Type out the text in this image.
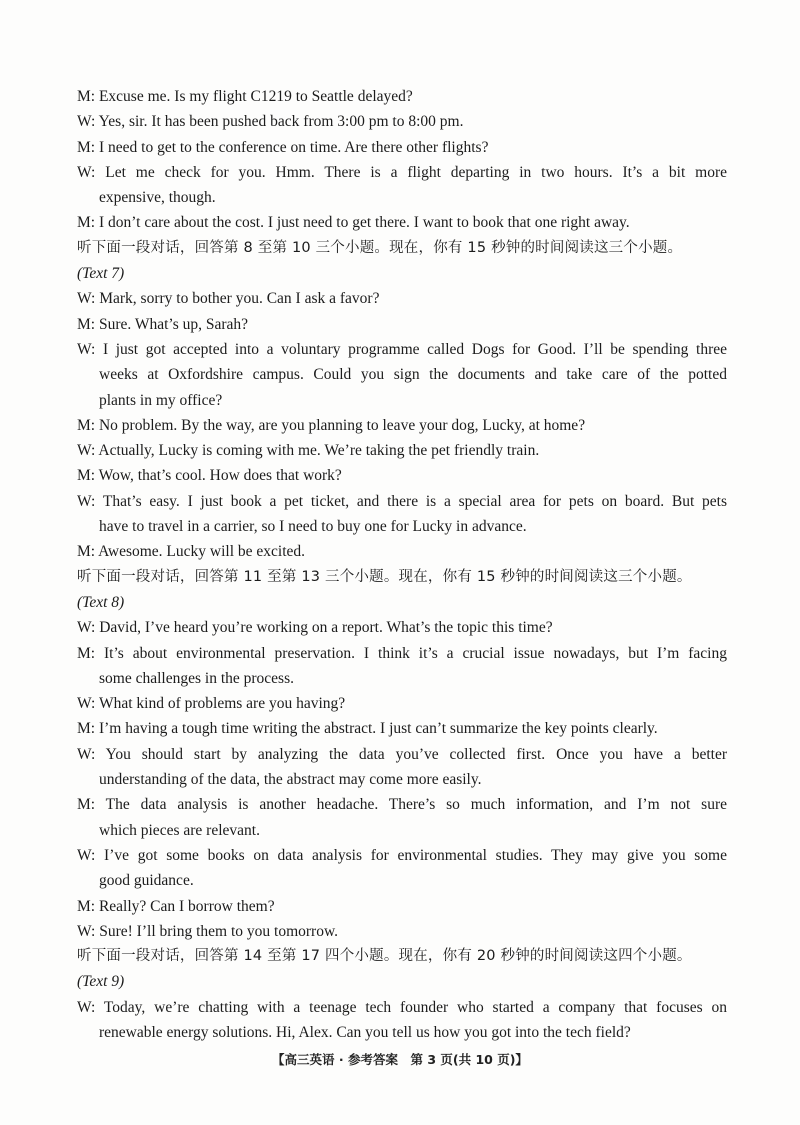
M: Excuse me. Is my flight C1219 to Seattle delayed?
W: Yes, sir. It has been pushed back from 3:00 pm to 8:00 pm.
M: I need to get to the conference on time. Are there other flights?
W: Let me check for you. Hmm. There is a flight departing in two hours. It’s a bit more
expensive, though.
M: I don’t care about the cost. I just need to get there. I want to book that one right away.
听下面一段对话，回答第 8 至第 10 三个小题。现在，你有 15 秒钟的时间阅读这三个小题。
(Text 7)
W: Mark, sorry to bother you. Can I ask a favor?
M: Sure. What’s up, Sarah?
W: I just got accepted into a voluntary programme called Dogs for Good. I’ll be spending three
weeks at Oxfordshire campus. Could you sign the documents and take care of the potted
plants in my office?
M: No problem. By the way, are you planning to leave your dog, Lucky, at home?
W: Actually, Lucky is coming with me. We’re taking the pet friendly train.
M: Wow, that’s cool. How does that work?
W: That’s easy. I just book a pet ticket, and there is a special area for pets on board. But pets
have to travel in a carrier, so I need to buy one for Lucky in advance.
M: Awesome. Lucky will be excited.
听下面一段对话，回答第 11 至第 13 三个小题。现在，你有 15 秒钟的时间阅读这三个小题。
(Text 8)
W: David, I’ve heard you’re working on a report. What’s the topic this time?
M: It’s about environmental preservation. I think it’s a crucial issue nowadays, but I’m facing
some challenges in the process.
W: What kind of problems are you having?
M: I’m having a tough time writing the abstract. I just can’t summarize the key points clearly.
W: You should start by analyzing the data you’ve collected first. Once you have a better
understanding of the data, the abstract may come more easily.
M: The data analysis is another headache. There’s so much information, and I’m not sure
which pieces are relevant.
W: I’ve got some books on data analysis for environmental studies. They may give you some
good guidance.
M: Really? Can I borrow them?
W: Sure! I’ll bring them to you tomorrow.
听下面一段对话，回答第 14 至第 17 四个小题。现在，你有 20 秒钟的时间阅读这四个小题。
(Text 9)
W: Today, we’re chatting with a teenage tech founder who started a company that focuses on
renewable energy solutions. Hi, Alex. Can you tell us how you got into the tech field?
【高三英语 · 参考答案　第 3 页(共 10 页)】
